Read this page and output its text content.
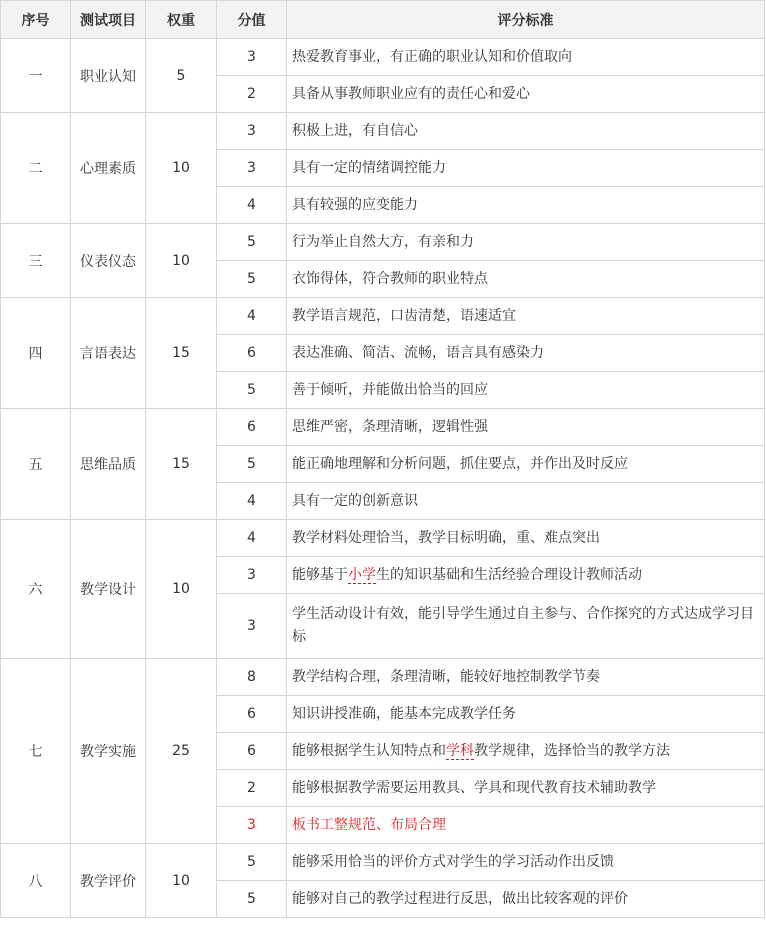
序号	测试项目	权重	分值	评分标准
一	职业认知	5	3	热爱教育事业，有正确的职业认知和价值取向
			2	具备从事教师职业应有的责任心和爱心
二	心理素质	10	3	积极上进，有自信心
			3	具有一定的情绪调控能力
			4	具有较强的应变能力
三	仪表仪态	10	5	行为举止自然大方，有亲和力
			5	衣饰得体，符合教师的职业特点
四	言语表达	15	4	教学语言规范，口齿清楚，语速适宜
			6	表达准确、简洁、流畅，语言具有感染力
			5	善于倾听，并能做出恰当的回应
五	思维品质	15	6	思维严密，条理清晰，逻辑性强
			5	能正确地理解和分析问题，抓住要点，并作出及时反应
			4	具有一定的创新意识
六	教学设计	10	4	教学材料处理恰当，教学目标明确，重、难点突出
			3	能够基于小学生的知识基础和生活经验合理设计教师活动
			3	学生活动设计有效，能引导学生通过自主参与、合作探究的方式达成学习目标
七	教学实施	25	8	教学结构合理，条理清晰，能较好地控制教学节奏
			6	知识讲授准确，能基本完成教学任务
			6	能够根据学生认知特点和学科教学规律，选择恰当的教学方法
			2	能够根据教学需要运用教具、学具和现代教育技术辅助教学
			3	板书工整规范、布局合理
八	教学评价	10	5	能够采用恰当的评价方式对学生的学习活动作出反馈
			5	能够对自己的教学过程进行反思，做出比较客观的评价
